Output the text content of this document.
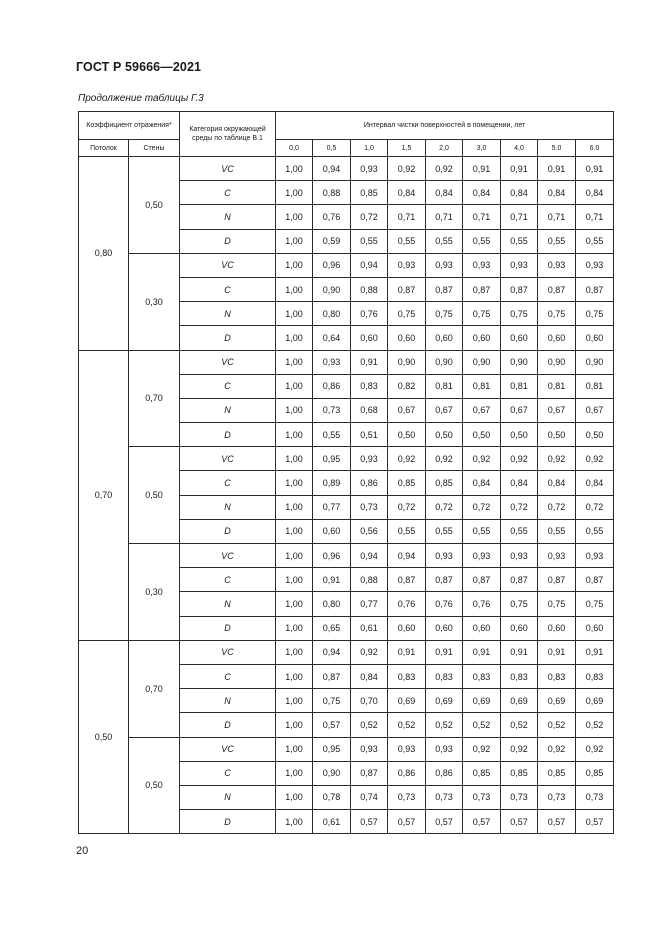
ГОСТ Р 59666—2021
Продолжение таблицы Г.3
Коэффициент отражения*		Категория окружающей среды по таблице В.1	Интервал чистки поверхностей в помещении, лет								
Потолок	Стены		0,0	0,5	1,0	1,5	2,0	3,0	4,0	5.0	6.0
0,80	0,50	VC	1,00	0,94	0,93	0,92	0,92	0,91	0,91	0,91	0,91
		C	1,00	0,88	0,85	0,84	0,84	0,84	0,84	0,84	0,84
		N	1,00	0,76	0,72	0,71	0,71	0,71	0,71	0,71	0,71
		D	1,00	0,59	0,55	0,55	0,55	0,55	0,55	0,55	0,55
	0,30	VC	1,00	0,96	0,94	0,93	0,93	0,93	0,93	0,93	0,93
		C	1,00	0,90	0,88	0,87	0,87	0,87	0,87	0,87	0,87
		N	1,00	0,80	0,76	0,75	0,75	0,75	0,75	0,75	0,75
		D	1,00	0,64	0,60	0,60	0,60	0,60	0,60	0,60	0,60
0,70	0,70	VC	1,00	0,93	0,91	0,90	0,90	0,90	0,90	0,90	0,90
		C	1,00	0,86	0,83	0,82	0,81	0,81	0,81	0,81	0,81
		N	1,00	0,73	0,68	0,67	0,67	0,67	0,67	0,67	0,67
		D	1,00	0,55	0,51	0,50	0,50	0,50	0,50	0,50	0,50
	0,50	VC	1,00	0,95	0,93	0,92	0,92	0,92	0,92	0,92	0,92
		C	1,00	0,89	0,86	0,85	0,85	0,84	0,84	0,84	0,84
		N	1,00	0,77	0,73	0,72	0,72	0,72	0,72	0,72	0,72
		D	1,00	0,60	0,56	0,55	0,55	0,55	0,55	0,55	0,55
	0,30	VC	1,00	0,96	0,94	0,94	0,93	0,93	0,93	0,93	0,93
		C	1,00	0,91	0,88	0,87	0,87	0,87	0,87	0,87	0,87
		N	1,00	0,80	0,77	0,76	0,76	0,76	0,75	0,75	0,75
		D	1,00	0,65	0,61	0,60	0,60	0,60	0,60	0,60	0,60
0,50	0,70	VC	1,00	0,94	0,92	0,91	0,91	0,91	0,91	0,91	0,91
		C	1,00	0,87	0,84	0,83	0,83	0,83	0,83	0,83	0,83
		N	1,00	0,75	0,70	0,69	0,69	0,69	0,69	0,69	0,69
		D	1,00	0,57	0,52	0,52	0,52	0,52	0,52	0,52	0,52
	0,50	VC	1,00	0,95	0,93	0,93	0,93	0,92	0,92	0,92	0,92
		C	1,00	0,90	0,87	0,86	0,86	0,85	0,85	0,85	0,85
		N	1,00	0,78	0,74	0,73	0,73	0,73	0,73	0,73	0,73
		D	1,00	0,61	0,57	0,57	0,57	0,57	0,57	0,57	0,57
20
